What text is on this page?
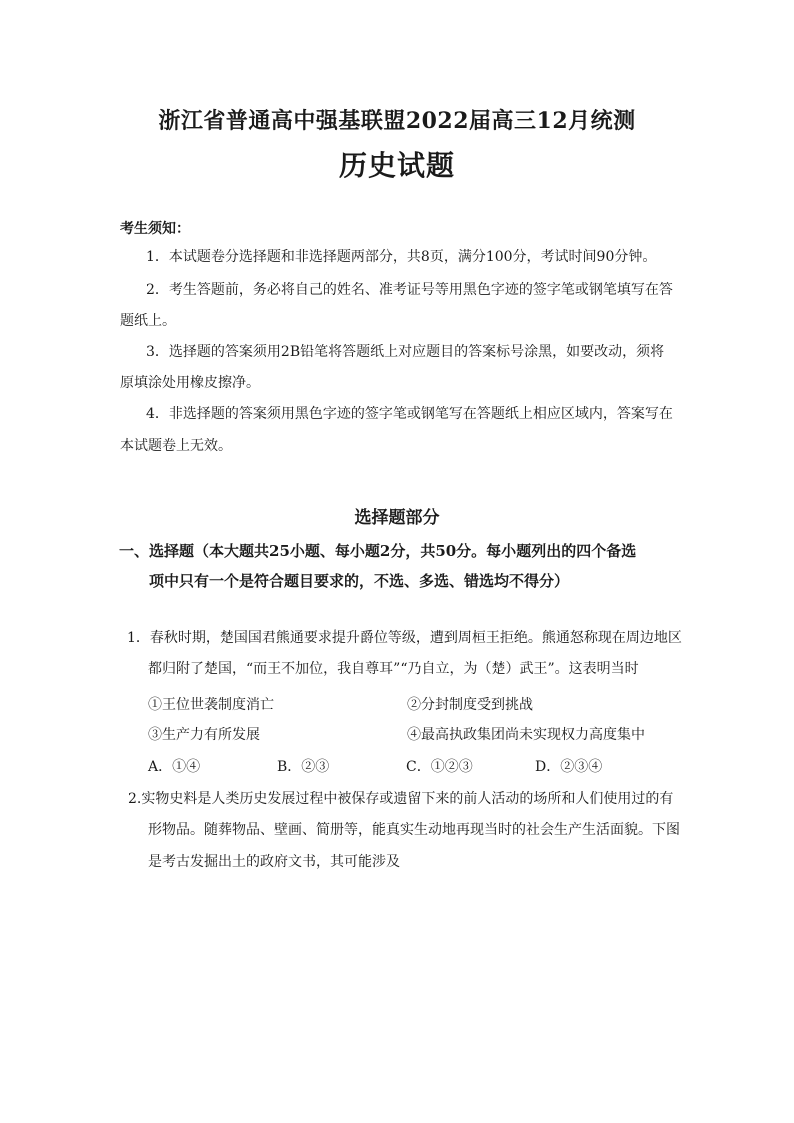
浙江省普通高中强基联盟2022届高三12月统测
历史试题
考生须知：
1．本试题卷分选择题和非选择题两部分，共8页，满分100分，考试时间90分钟。
2．考生答题前，务必将自己的姓名、准考证号等用黑色字迹的签字笔或钢笔填写在答
题纸上。
3．选择题的答案须用2B铅笔将答题纸上对应题目的答案标号涂黑，如要改动，须将
原填涂处用橡皮擦净。
4．非选择题的答案须用黑色字迹的签字笔或钢笔写在答题纸上相应区域内，答案写在
本试题卷上无效。
选择题部分
一、选择题（本大题共25小题、每小题2分，共50分。每小题列出的四个备选
项中只有一个是符合题目要求的，不选、多选、错选均不得分）
1．春秋时期，楚国国君熊通要求提升爵位等级，遭到周桓王拒绝。熊通怒称现在周边地区
都归附了楚国，“而王不加位，我自尊耳”“乃自立，为（楚）武王”。这表明当时
①王位世袭制度消亡	②分封制度受到挑战
③生产力有所发展	④最高执政集团尚未实现权力高度集中
A．①④	B．②③	C．①②③	D．②③④
2.实物史料是人类历史发展过程中被保存或遗留下来的前人活动的场所和人们使用过的有
形物品。随葬物品、壁画、简册等，能真实生动地再现当时的社会生产生活面貌。下图
是考古发掘出土的政府文书，其可能涉及
